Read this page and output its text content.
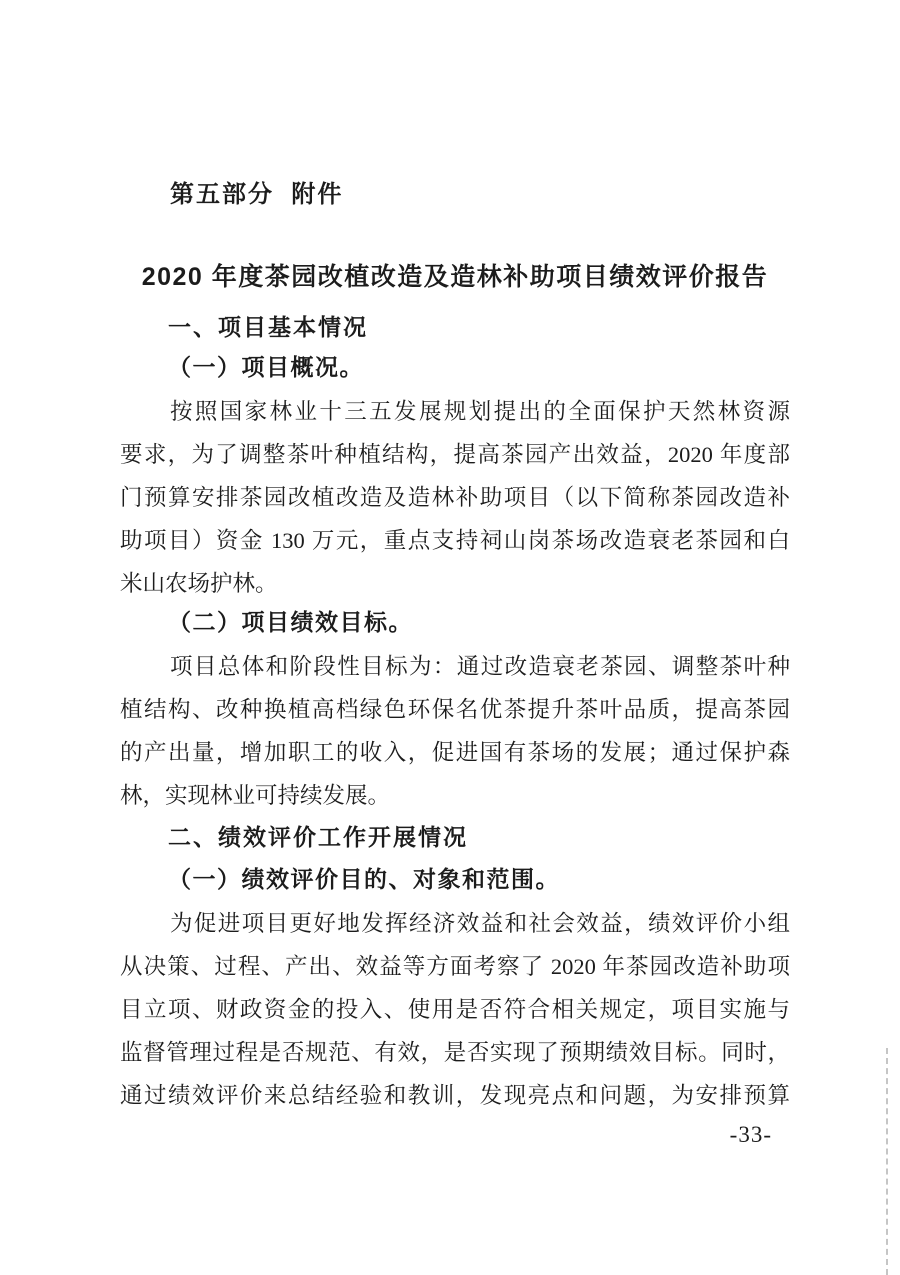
第五部分  附件
2020 年度茶园改植改造及造林补助项目绩效评价报告
一、项目基本情况
（一）项目概况。
按照国家林业十三五发展规划提出的全面保护天然林资源
要求，为了调整茶叶种植结构，提高茶园产出效益，2020 年度部
门预算安排茶园改植改造及造林补助项目（以下简称茶园改造补
助项目）资金 130 万元，重点支持祠山岗茶场改造衰老茶园和白
米山农场护林。
（二）项目绩效目标。
项目总体和阶段性目标为：通过改造衰老茶园、调整茶叶种
植结构、改种换植高档绿色环保名优茶提升茶叶品质，提高茶园
的产出量，增加职工的收入，促进国有茶场的发展；通过保护森
林，实现林业可持续发展。
二、绩效评价工作开展情况
（一）绩效评价目的、对象和范围。
为促进项目更好地发挥经济效益和社会效益，绩效评价小组
从决策、过程、产出、效益等方面考察了 2020 年茶园改造补助项
目立项、财政资金的投入、使用是否符合相关规定，项目实施与
监督管理过程是否规范、有效，是否实现了预期绩效目标。同时，
通过绩效评价来总结经验和教训，发现亮点和问题，为安排预算
-33-
